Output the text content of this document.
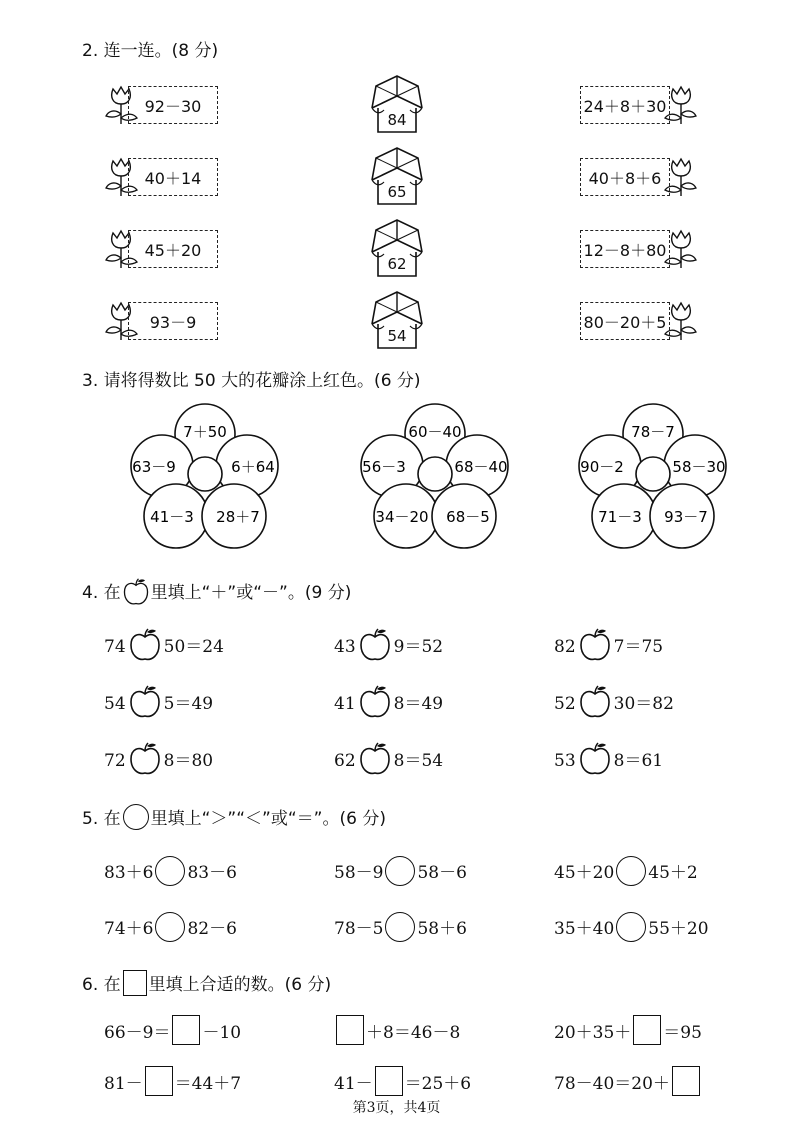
2. 连一连。(8 分)
92－30
40＋14
45＋20
93－9
84
65
62
54
24＋8＋30
40＋8＋6
12－8＋80
80－20＋5
3. 请将得数比 50 大的花瓣涂上红色。(6 分)
7＋50
63－9	6＋64
41－3 28＋7
60－40
56－3	68－40
34－20 68－5
78－7
90－2	58－30
71－3 93－7
4. 在 里填上“＋”或“－”。(9 分)
74 50＝24	43 9＝52	82 7＝75
54 5＝49	41 8＝49	52 30＝82
72 8＝80	62 8＝54	53 8＝61
5. 在 里填上“＞”“＜”或“＝”。(6 分)
83＋6 83－6	58－9 58－6	45＋20 45＋2
74＋6 82－6	78－5 58＋6	35＋40 55＋20
6. 在 里填上合适的数。(6 分)
66－9＝ －10	＋8＝46－8	20＋35＋ ＝95
81－ ＝44＋7	41－ ＝25＋6	78－40＝20＋
第3页，共4页
